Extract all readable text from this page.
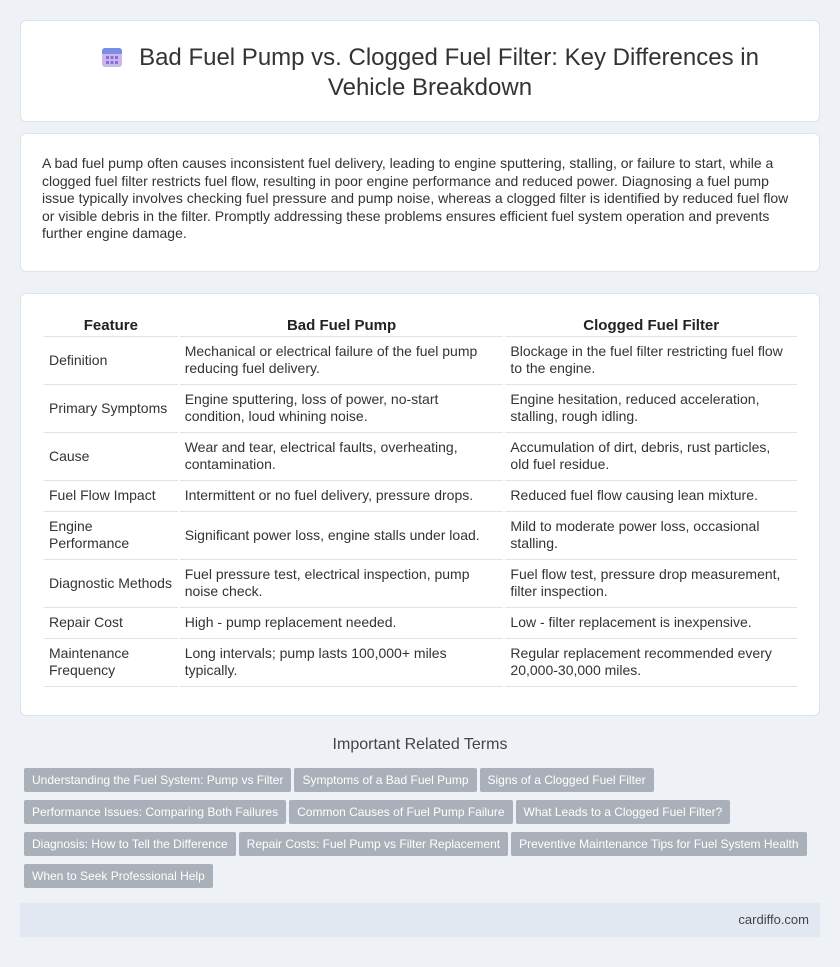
Bad Fuel Pump vs. Clogged Fuel Filter: Key Differences in Vehicle Breakdown

A bad fuel pump often causes inconsistent fuel delivery, leading to engine sputtering, stalling, or failure to start, while a clogged fuel filter restricts fuel flow, resulting in poor engine performance and reduced power. Diagnosing a fuel pump issue typically involves checking fuel pressure and pump noise, whereas a clogged filter is identified by reduced fuel flow or visible debris in the filter. Promptly addressing these problems ensures efficient fuel system operation and prevents further engine damage.

Feature	Bad Fuel Pump	Clogged Fuel Filter
Definition	Mechanical or electrical failure of the fuel pump reducing fuel delivery.	Blockage in the fuel filter restricting fuel flow to the engine.
Primary Symptoms	Engine sputtering, loss of power, no-start condition, loud whining noise.	Engine hesitation, reduced acceleration, stalling, rough idling.
Cause	Wear and tear, electrical faults, overheating, contamination.	Accumulation of dirt, debris, rust particles, old fuel residue.
Fuel Flow Impact	Intermittent or no fuel delivery, pressure drops.	Reduced fuel flow causing lean mixture.
Engine Performance	Significant power loss, engine stalls under load.	Mild to moderate power loss, occasional stalling.
Diagnostic Methods	Fuel pressure test, electrical inspection, pump noise check.	Fuel flow test, pressure drop measurement, filter inspection.
Repair Cost	High - pump replacement needed.	Low - filter replacement is inexpensive.
Maintenance Frequency	Long intervals; pump lasts 100,000+ miles typically.	Regular replacement recommended every 20,000-30,000 miles.
Important Related Terms
Understanding the Fuel System: Pump vs Filter Symptoms of a Bad Fuel Pump Signs of a Clogged Fuel Filter
Performance Issues: Comparing Both Failures Common Causes of Fuel Pump Failure What Leads to a Clogged Fuel Filter?
Diagnosis: How to Tell the Difference Repair Costs: Fuel Pump vs Filter Replacement Preventive Maintenance Tips for Fuel System Health
When to Seek Professional Help
cardiffo.com
